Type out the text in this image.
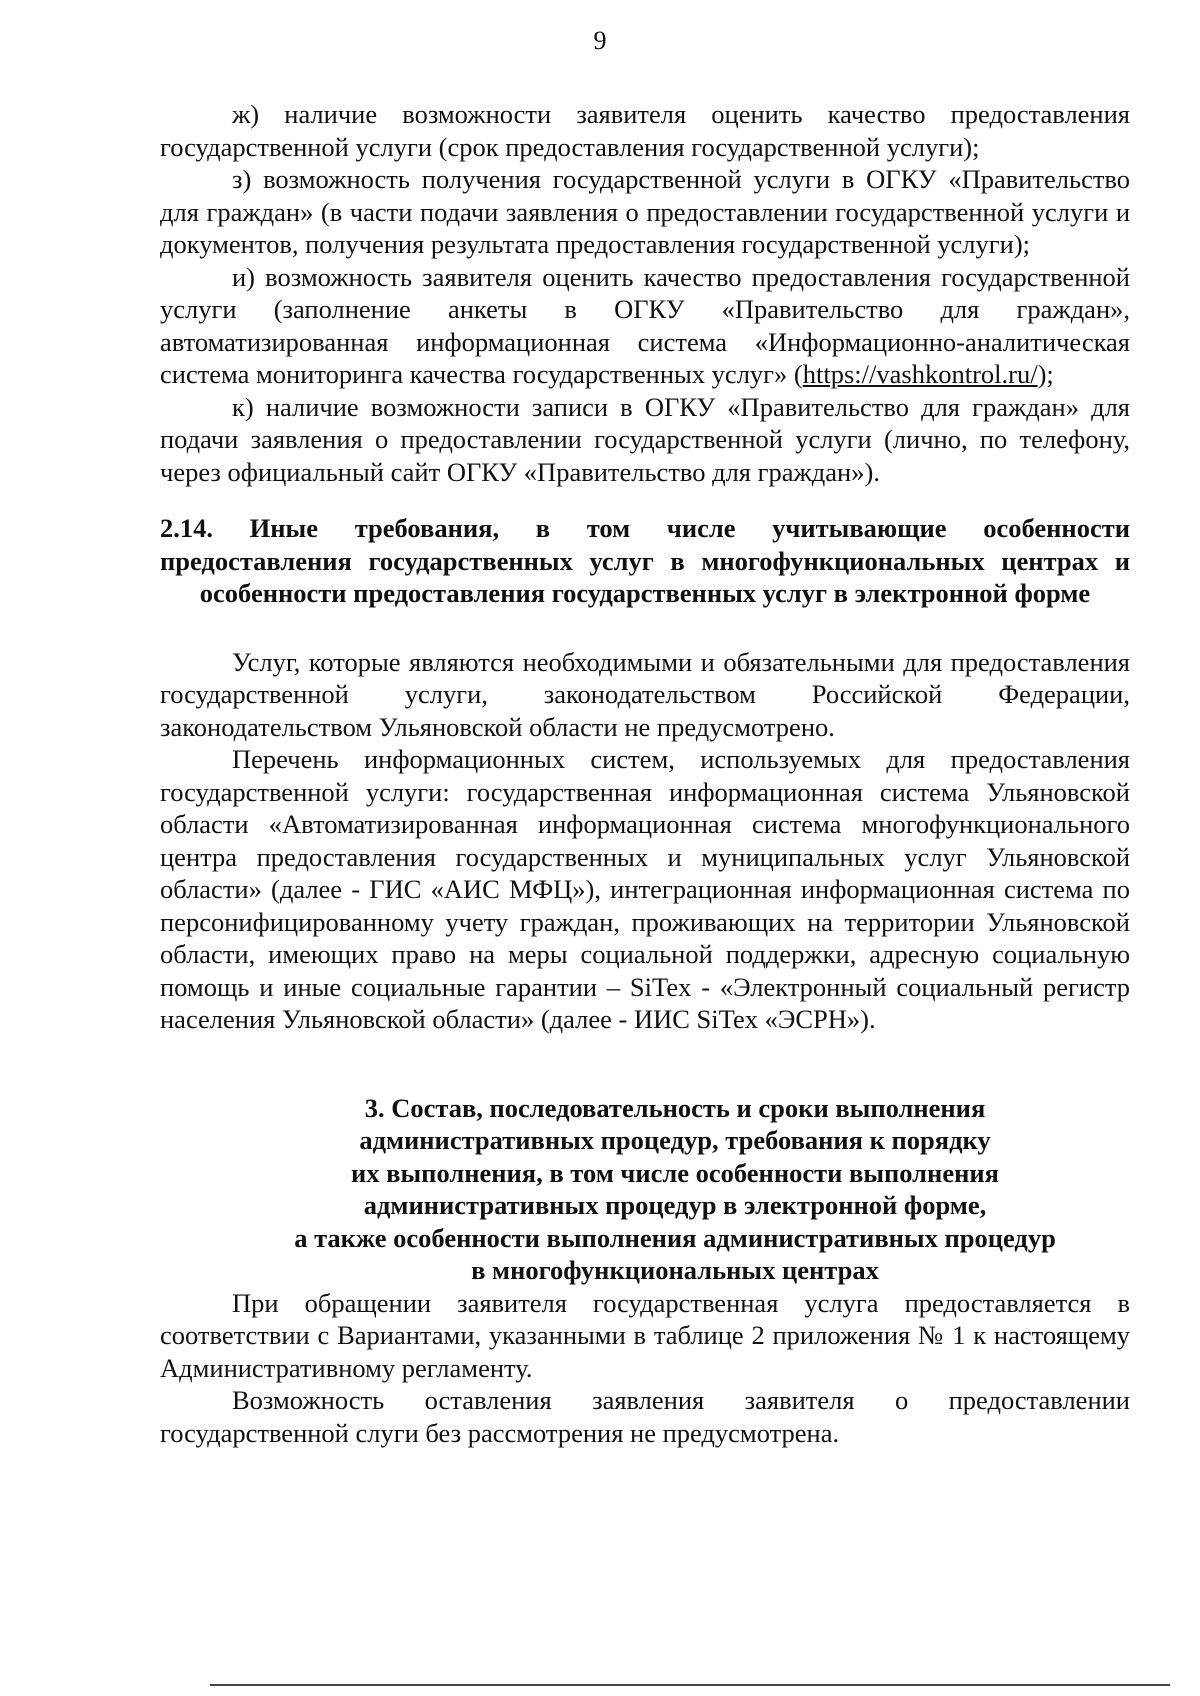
9

ж) наличие возможности заявителя оценить качество предоставления государственной услуги (срок предоставления государственной услуги);

з) возможность получения государственной услуги в ОГКУ «Правительство для граждан» (в части подачи заявления о предоставлении государственной услуги и документов, получения результата предоставления государственной услуги);

и) возможность заявителя оценить качество предоставления государственной услуги (заполнение анкеты в ОГКУ «Правительство для граждан», автоматизированная информационная система «Информационно-аналитическая система мониторинга качества государственных услуг» (https://vashkontrol.ru/);

к) наличие возможности записи в ОГКУ «Правительство для граждан» для подачи заявления о предоставлении государственной услуги (лично, по телефону, через официальный сайт ОГКУ «Правительство для граждан»).

2.14. Иные требования, в том числе учитывающие особенности
предоставления государственных услуг в многофункциональных центрах и особенности предоставления государственных услуг в электронной форме

Услуг, которые являются необходимыми и обязательными для предоставления государственной услуги, законодательством Российской Федерации, законодательством Ульяновской области не предусмотрено.

Перечень информационных систем, используемых для предоставления государственной услуги: государственная информационная система Ульяновской области «Автоматизированная информационная система многофункционального центра предоставления государственных и муниципальных услуг Ульяновской области» (далее - ГИС «АИС МФЦ»), интеграционная информационная система по персонифицированному учету граждан, проживающих на территории Ульяновской области, имеющих право на меры социальной поддержки, адресную социальную помощь и иные социальные гарантии – SiTex - «Электронный социальный регистр населения Ульяновской области» (далее - ИИС SiTex «ЭСРН»).

3. Состав, последовательность и сроки выполнения
административных процедур, требования к порядку
их выполнения, в том числе особенности выполнения
административных процедур в электронной форме,
а также особенности выполнения административных процедур
в многофункциональных центрах

При обращении заявителя государственная услуга предоставляется в соответствии с Вариантами, указанными в таблице 2 приложения № 1 к настоящему Административному регламенту.

Возможность оставления заявления заявителя о предоставлении государственной слуги без рассмотрения не предусмотрена.
